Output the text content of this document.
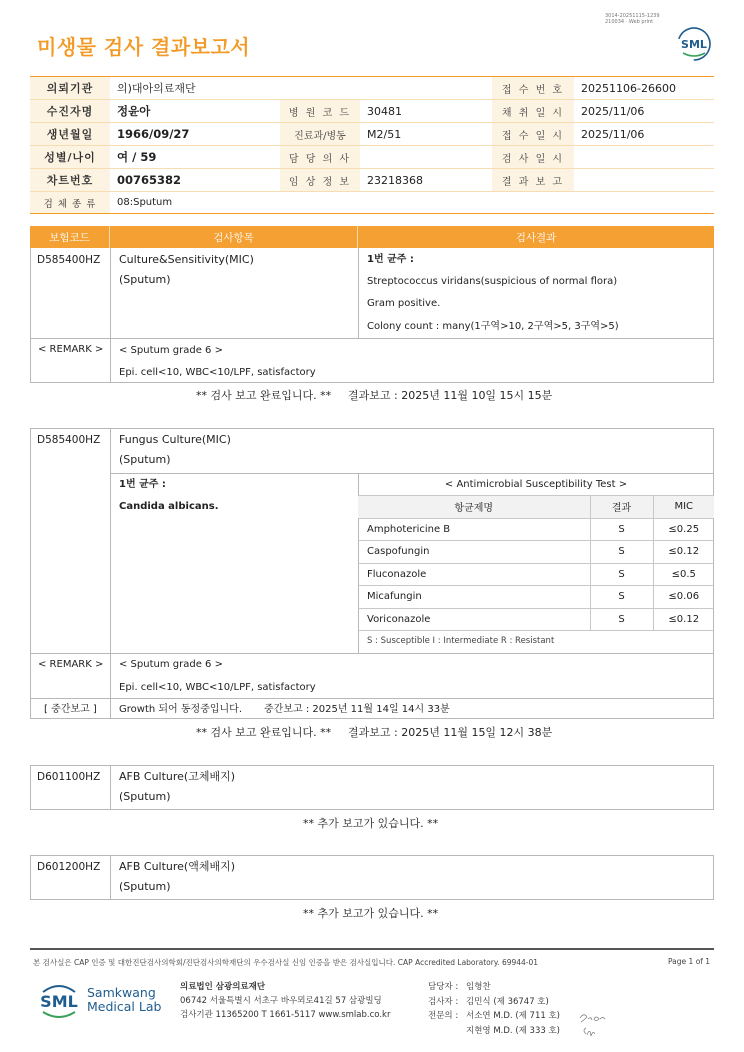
3014-20251115-1239
210034 · Web print
미생물 검사 결과보고서	SML
의뢰기관	의)대아의료재단			접 수 번 호	20251106-26600
수진자명	정윤아	병 원 코 드	30481	채 취 일 시	2025/11/06
생년월일	1966/09/27	진료과/병동	M2/51	접 수 일 시	2025/11/06
성별/나이	여 / 59	담 당 의 사		검 사 일 시	
차트번호	00765382	임 상 정 보	23218368	결 과 보 고	
검 체 종 류	08:Sputum				
보험코드	검사항목	검사결과
D585400HZ Culture&Sensitivity(MIC)
(Sputum)
1번 균주 :
Streptococcus viridans(suspicious of normal flora)
Gram positive.
Colony count : many(1구역>10, 2구역>5, 3구역>5)
< REMARK > < Sputum grade 6 >
Epi. cell<10, WBC<10/LPF, satisfactory
** 검사 보고 완료입니다. ** 결과보고 : 2025년 11월 10일 15시 15분
D585400HZ Fungus Culture(MIC)
(Sputum)
1번 균주 :
Candida albicans.
< Antimicrobial Susceptibility Test >		
항균제명	결과	MIC
Amphotericine B	S	≤0.25
Caspofungin	S	≤0.12
Fluconazole	S	≤0.5
Micafungin	S	≤0.06
Voriconazole	S	≤0.12
S : Susceptible I : Intermediate R : Resistant		
< REMARK > < Sputum grade 6 >
Epi. cell<10, WBC<10/LPF, satisfactory
[ 중간보고 ] Growth 되어 동정중입니다. 중간보고 : 2025년 11월 14일 14시 33분
** 검사 보고 완료입니다. ** 결과보고 : 2025년 11월 15일 12시 38분
D601100HZ AFB Culture(고체배지)
(Sputum)
** 추가 보고가 있습니다. **
D601200HZ AFB Culture(액체배지)
(Sputum)
** 추가 보고가 있습니다. **
본 검사실은 CAP 인증 및 대한진단검사의학회/진단검사의학재단의 우수검사실 신임 인증을 받은 검사실입니다. CAP Accredited Laboratory. 69944-01	Page 1 of 1
SML Samkwang
Medical Lab
의료법인 삼광의료재단
06742 서울특별시 서초구 바우뫼로41길 57 삼광빌딩
검사기관 11365200 T 1661-5117 www.smlab.co.kr
담당자 : 임형찬
검사자 : 김민식 (제 36747 호)
전문의 : 서소연 M.D. (제 711 호)
지현영 M.D. (제 333 호)
